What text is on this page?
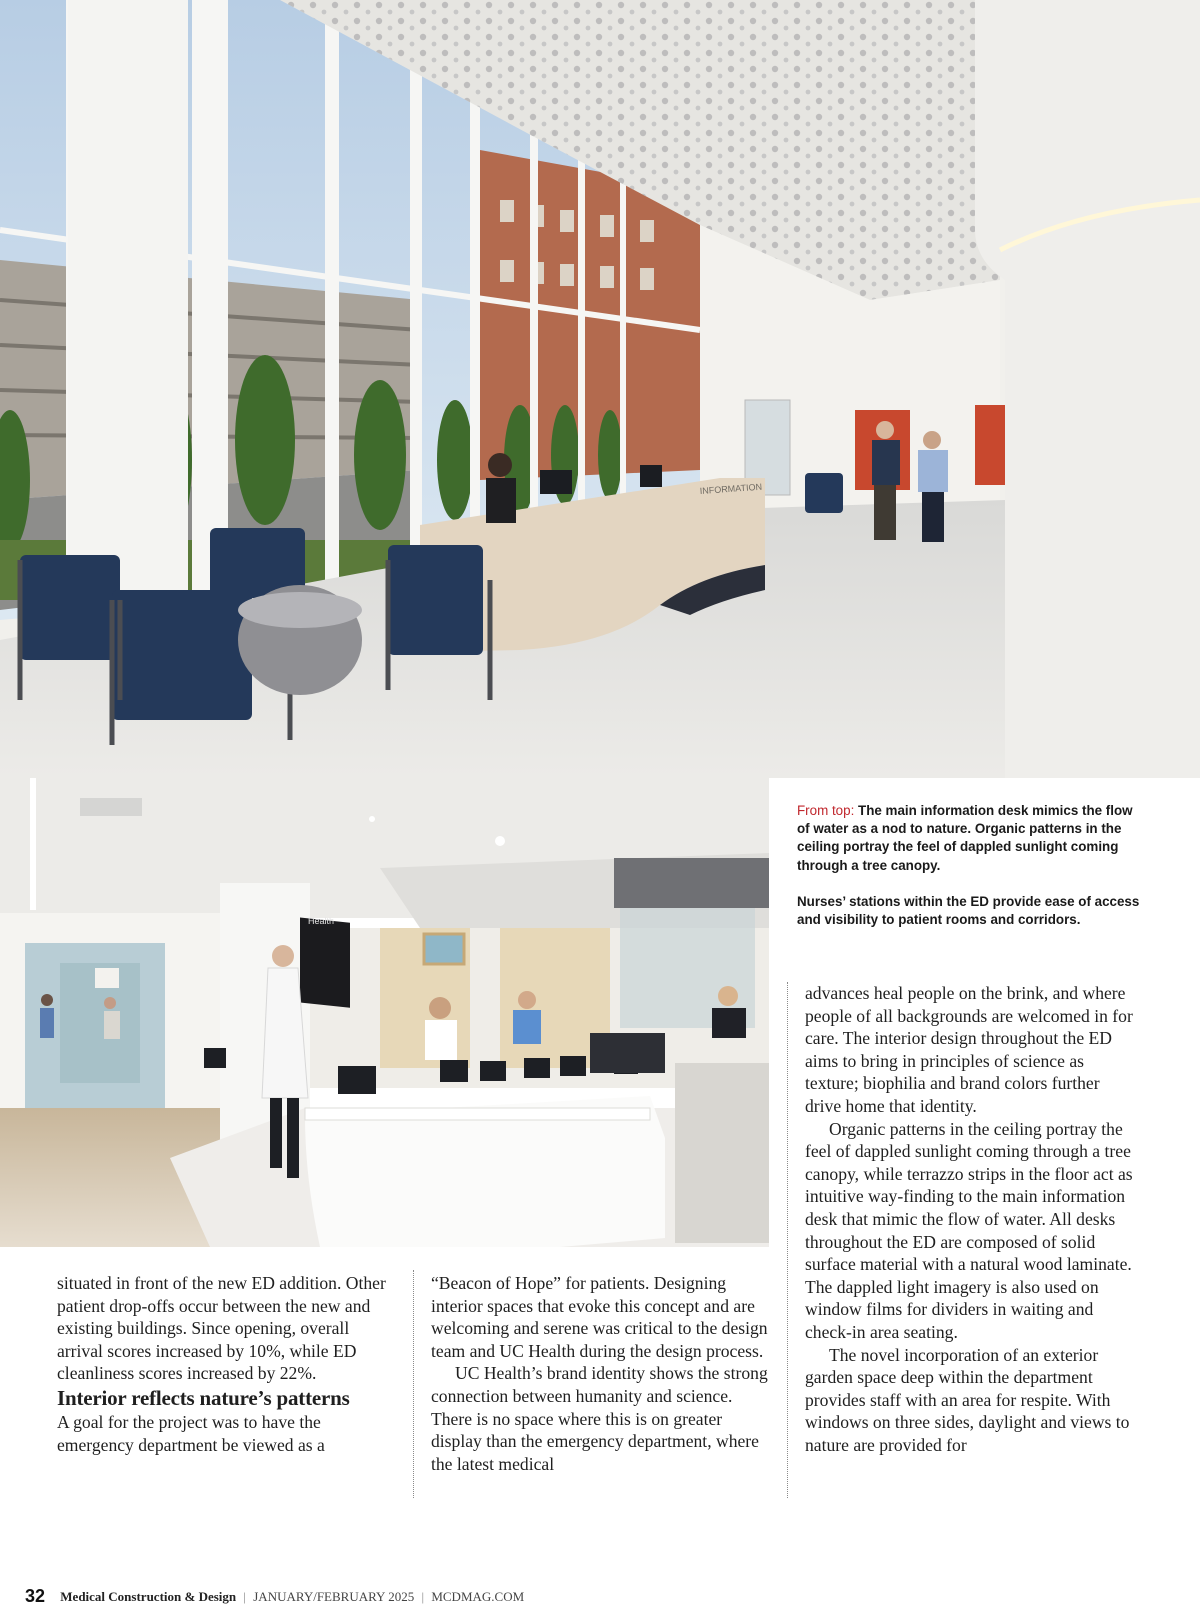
INFORMATION
Health

From top: The main information desk mimics the flow of water as a nod to nature. Organic patterns in the ceiling portray the feel of dappled sunlight coming through a tree canopy.

Nurses’ stations within the ED provide ease of access and visibility to patient rooms and corridors.

situated in front of the new ED addition. Other patient drop-offs occur between the new and existing buildings. Since opening, overall arrival scores increased by 10%, while ED cleanliness scores increased by 22%.

Interior reflects nature’s patterns

A goal for the project was to have the emergency department be viewed as a

“Beacon of Hope” for patients. Designing interior spaces that evoke this concept and are welcoming and serene was critical to the design team and UC Health during the design process.

UC Health’s brand identity shows the strong connection between humanity and science. There is no space where this is on greater display than the emergency department, where the latest medical

advances heal people on the brink, and where people of all backgrounds are welcomed in for care. The interior design throughout the ED aims to bring in principles of science as texture; biophilia and brand colors further drive home that identity.

Organic patterns in the ceiling portray the feel of dappled sunlight coming through a tree canopy, while terrazzo strips in the floor act as intuitive way-finding to the main information desk that mimic the flow of water. All desks throughout the ED are composed of solid surface material with a natural wood laminate. The dappled light imagery is also used on window films for dividers in waiting and check-in area seating.

The novel incorporation of an exterior garden space deep within the department provides staff with an area for respite. With windows on three sides, daylight and views to nature are provided for

32 Medical Construction & Design | JANUARY/FEBRUARY 2025 | MCDMAG.COM
